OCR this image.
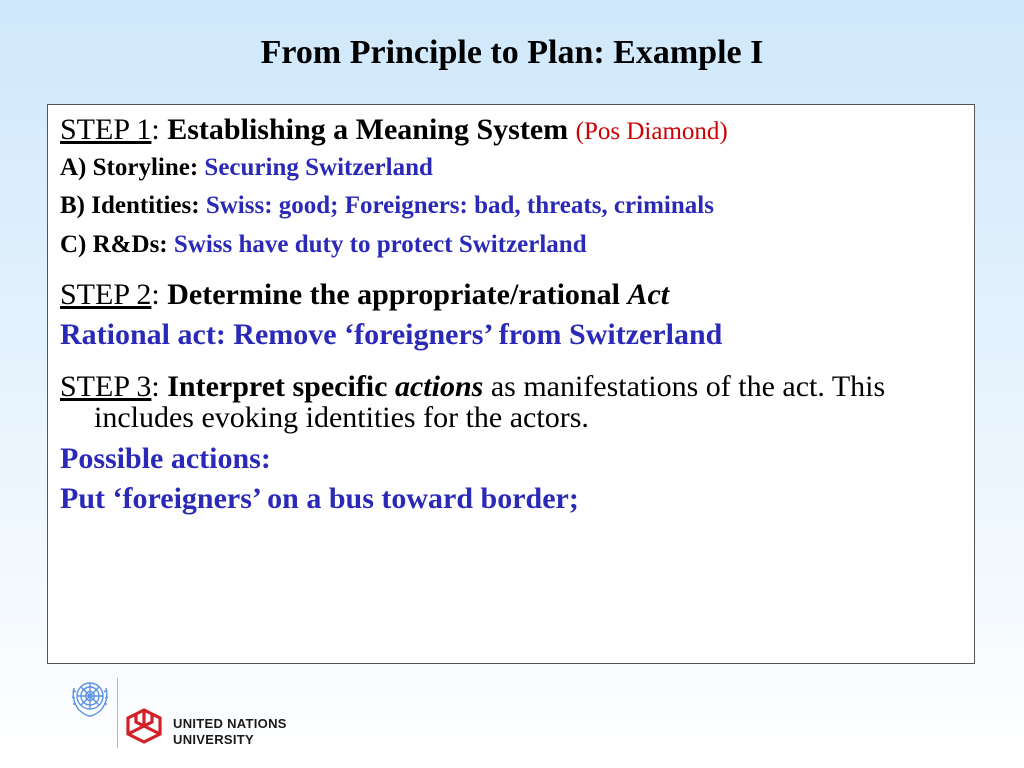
From Principle to Plan: Example I
STEP 1: Establishing a Meaning System (Pos Diamond)
A) Storyline: Securing Switzerland
B) Identities: Swiss: good; Foreigners: bad, threats, criminals
C) R&Ds: Swiss have duty to protect Switzerland
STEP 2: Determine the appropriate/rational Act
Rational act: Remove ‘foreigners’ from Switzerland
STEP 3: Interpret specific actions as manifestations of the act. This includes evoking identities for the actors.
Possible actions:
Put ‘foreigners’ on a bus toward border;
UNITED NATIONS
UNIVERSITY
